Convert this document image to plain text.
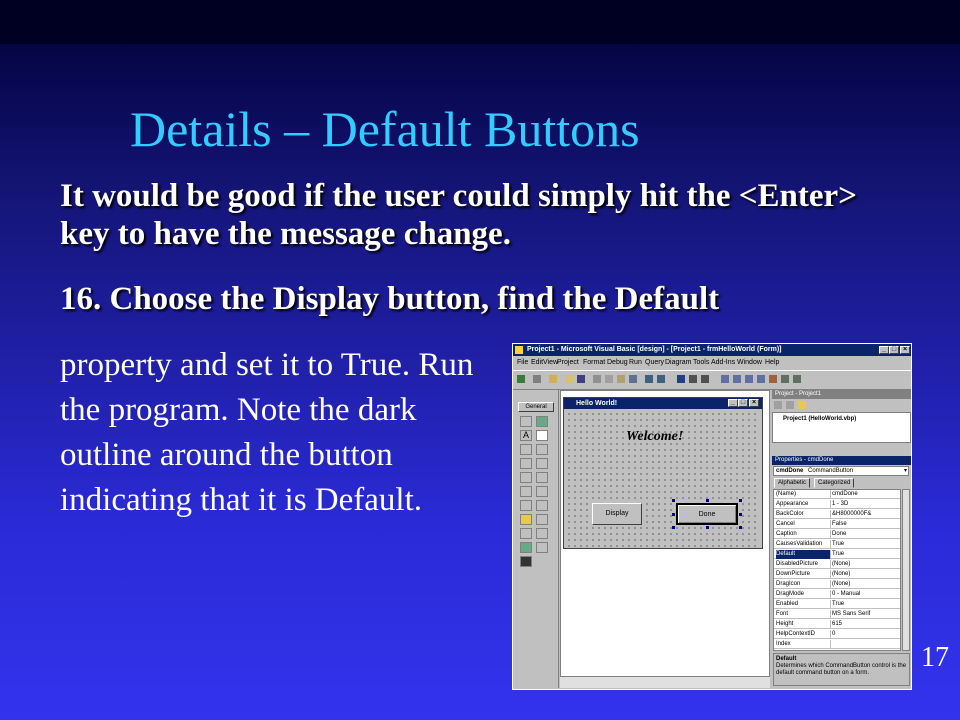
Details – Default Buttons
It would be good if the user could simply hit the <Enter> key to have the message change.
16. Choose the Display button, find the Default
property and set it to True. Run the program. Note the dark outline around the button indicating that it is Default.
17
Project1 - Microsoft Visual Basic [design] - [Project1 - frmHelloWorld (Form)]	_ □ ×
File Edit View
Project Format Debug Run Query Diagram Tools Add-Ins Window Help
General
A
Hello World!	_ □ ×
Welcome!
Display	Done
Project - Project1
Project1 (HelloWorld.vbp)
Properties - cmdDone
cmdDone CommandButton	▾
Alphabetic	Categorized
(Name)	cmdDone
Appearance	1 - 3D
BackColor	&H8000000F&
Cancel	False
Caption	Done
CausesValidation	True
Default	True
DisabledPicture	(None)
DownPicture	(None)
DragIcon	(None)
DragMode	0 - Manual
Enabled	True
Font	MS Sans Serif
Height	615
HelpContextID	0
Index
Default
Determines which CommandButton control is the default command button on a form.
